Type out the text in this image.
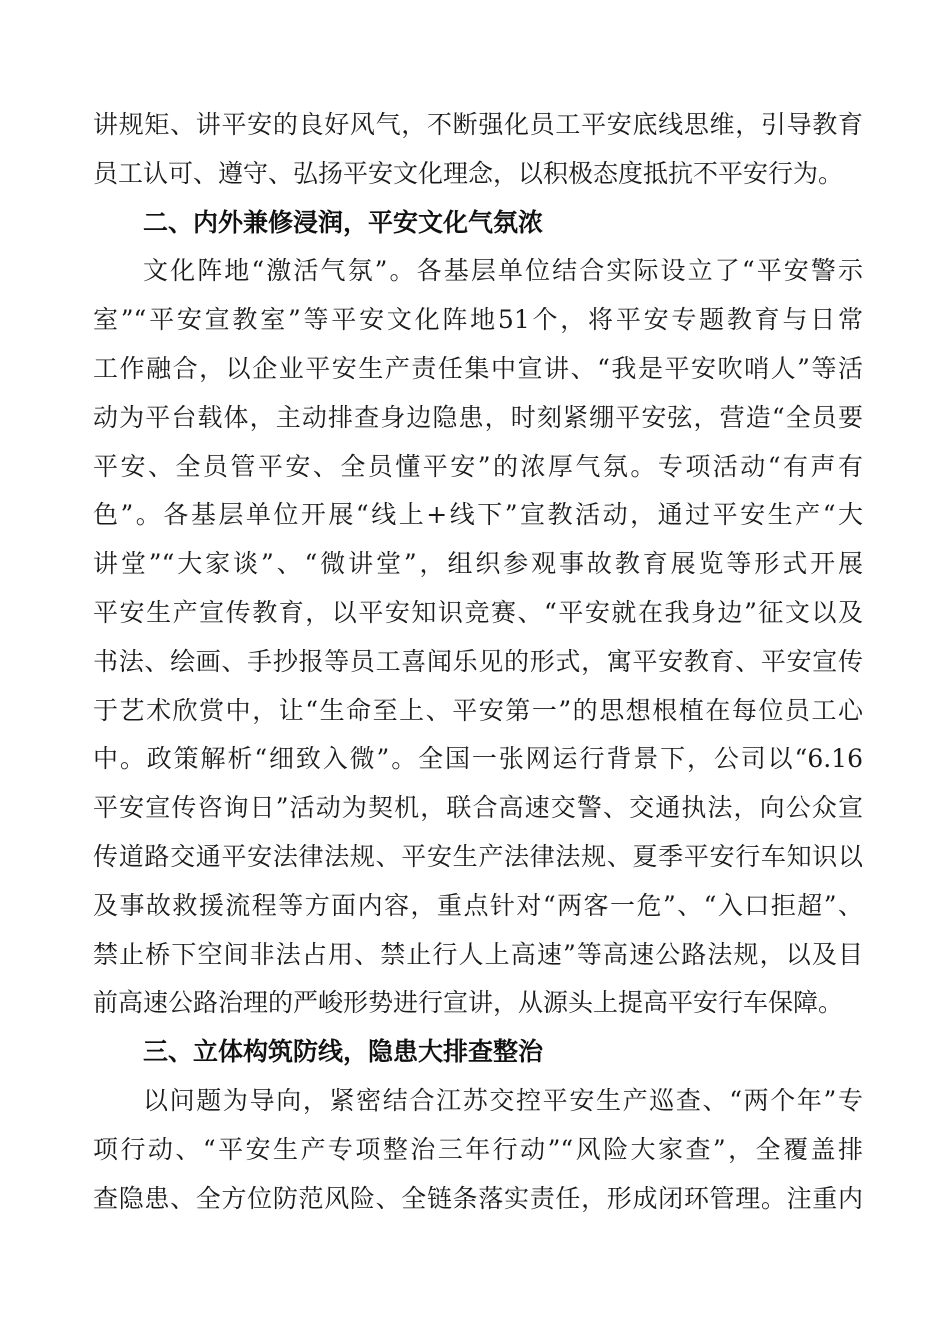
讲规矩、讲平安的良好风气，不断强化员工平安底线思维，引导教育
员工认可、遵守、弘扬平安文化理念，以积极态度抵抗不平安行为。
二、内外兼修浸润，平安文化气氛浓
文化阵地“激活气氛”。各基层单位结合实际设立了“平安警示
室”“平安宣教室”等平安文化阵地51个，将平安专题教育与日常
工作融合，以企业平安生产责任集中宣讲、“我是平安吹哨人”等活
动为平台载体，主动排查身边隐患，时刻紧绷平安弦，营造“全员要
平安、全员管平安、全员懂平安”的浓厚气氛。专项活动“有声有
色”。各基层单位开展“线上+线下”宣教活动，通过平安生产“大
讲堂”“大家谈”、“微讲堂”，组织参观事故教育展览等形式开展
平安生产宣传教育，以平安知识竞赛、“平安就在我身边”征文以及
书法、绘画、手抄报等员工喜闻乐见的形式，寓平安教育、平安宣传
于艺术欣赏中，让“生命至上、平安第一”的思想根植在每位员工心
中。政策解析“细致入微”。全国一张网运行背景下，公司以“6.16
平安宣传咨询日”活动为契机，联合高速交警、交通执法，向公众宣
传道路交通平安法律法规、平安生产法律法规、夏季平安行车知识以
及事故救援流程等方面内容，重点针对“两客一危”、“入口拒超”、
禁止桥下空间非法占用、禁止行人上高速”等高速公路法规，以及目
前高速公路治理的严峻形势进行宣讲，从源头上提高平安行车保障。
三、立体构筑防线，隐患大排查整治
以问题为导向，紧密结合江苏交控平安生产巡查、“两个年”专
项行动、“平安生产专项整治三年行动”“风险大家查”，全覆盖排
查隐患、全方位防范风险、全链条落实责任，形成闭环管理。注重内
